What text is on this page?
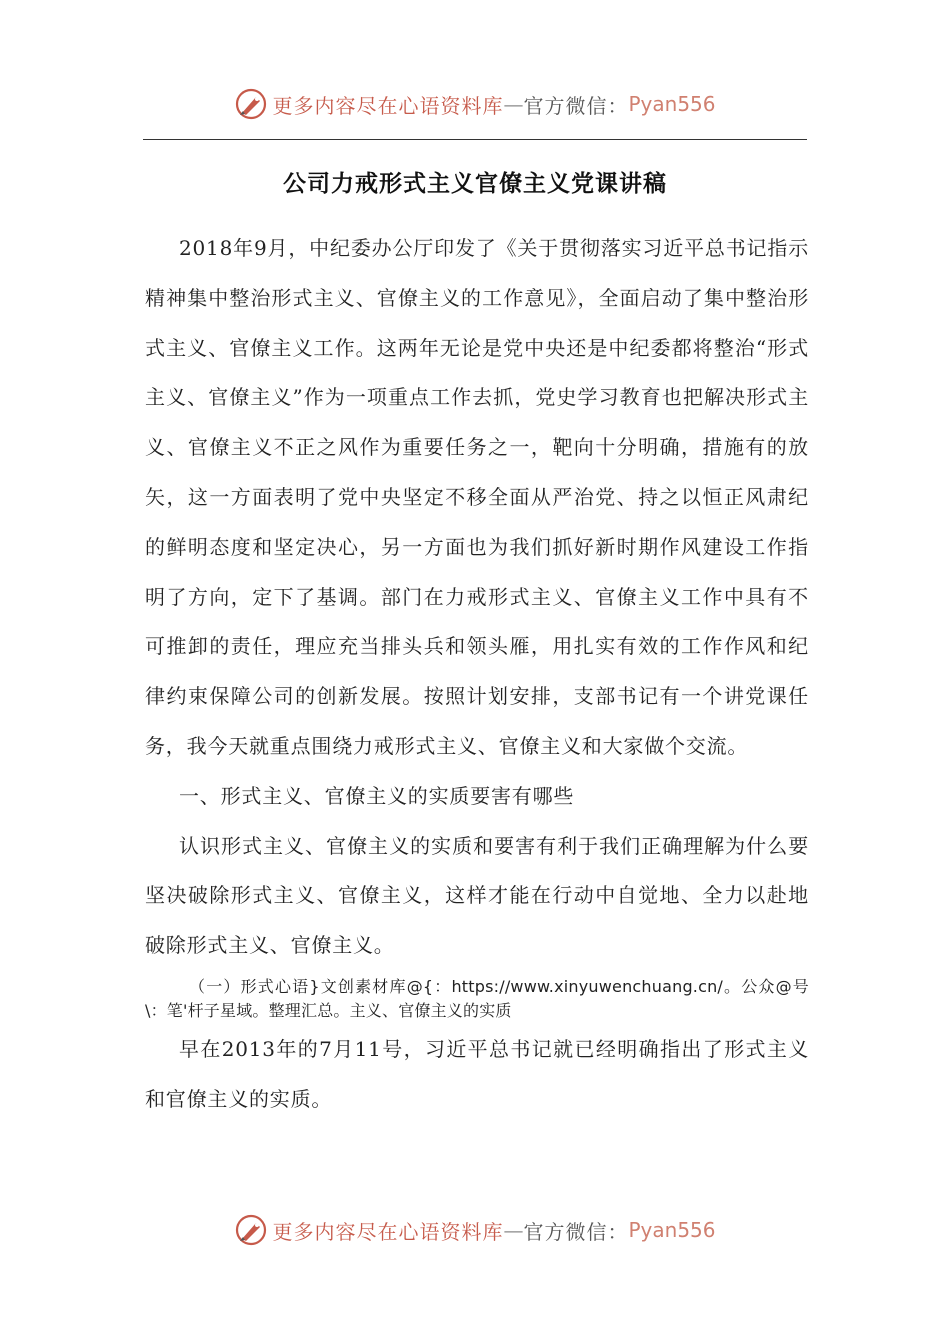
更多内容尽在心语资料库 — 官方微信： Pyan556
公司力戒形式主义官僚主义党课讲稿

2018年9月，中纪委办公厅印发了《关于贯彻落实习近平总书记指示精神集中整治形式主义、官僚主义的工作意见》，全面启动了集中整治形式主义、官僚主义工作。这两年无论是党中央还是中纪委都将整治“形式主义、官僚主义”作为一项重点工作去抓，党史学习教育也把解决形式主义、官僚主义不正之风作为重要任务之一，靶向十分明确，措施有的放矢，这一方面表明了党中央坚定不移全面从严治党、持之以恒正风肃纪的鲜明态度和坚定决心，另一方面也为我们抓好新时期作风建设工作指明了方向，定下了基调。部门在力戒形式主义、官僚主义工作中具有不可推卸的责任，理应充当排头兵和领头雁，用扎实有效的工作作风和纪律约束保障公司的创新发展。按照计划安排，支部书记有一个讲党课任务，我今天就重点围绕力戒形式主义、官僚主义和大家做个交流。

一、形式主义、官僚主义的实质要害有哪些

认识形式主义、官僚主义的实质和要害有利于我们正确理解为什么要坚决破除形式主义、官僚主义，这样才能在行动中自觉地、全力以赴地破除形式主义、官僚主义。

（一）形式心语}文创素材库@{：https://www.xinyuwenchuang.cn/。公众@号\：笔'杆子星域。整理汇总。主义、官僚主义的实质

早在2013年的7月11号，习近平总书记就已经明确指出了形式主义和官僚主义的实质。

更多内容尽在心语资料库 — 官方微信： Pyan556
